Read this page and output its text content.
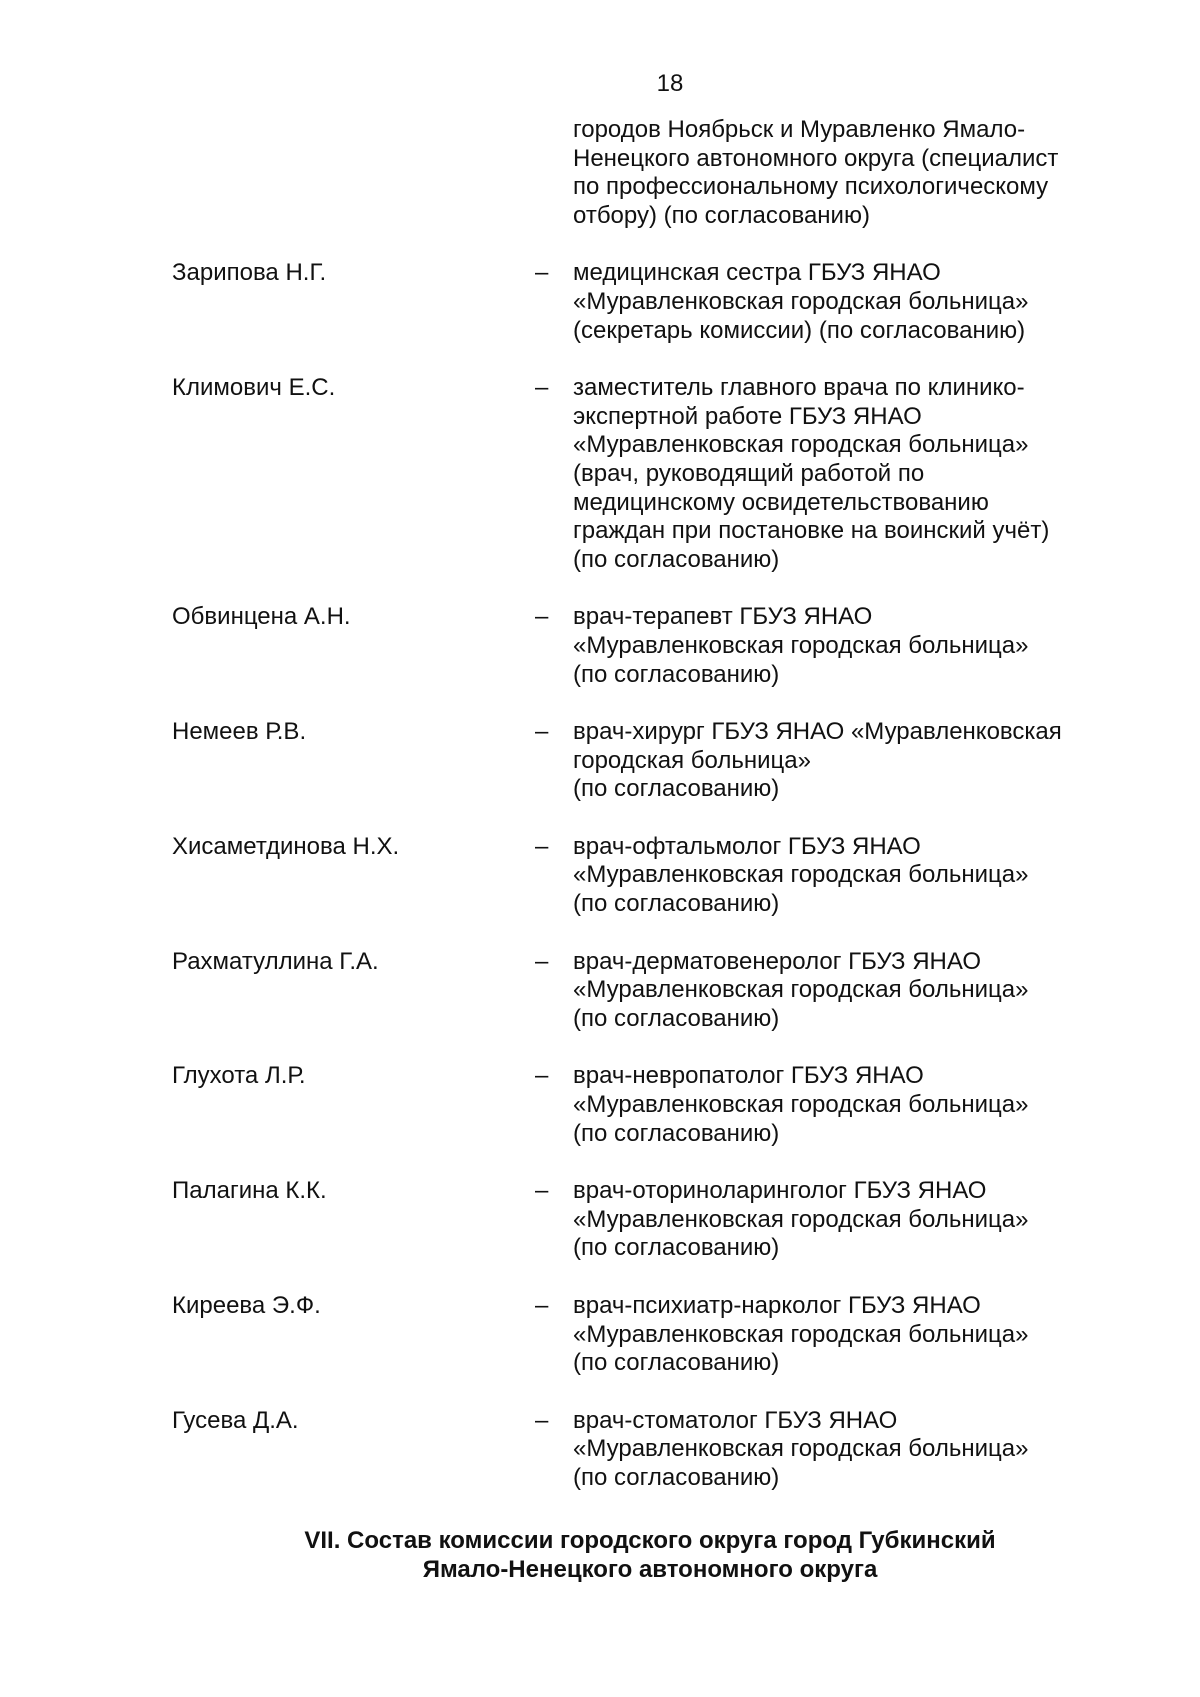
18
городов Ноябрьск и Муравленко Ямало-
Ненецкого автономного округа (специалист
по профессиональному психологическому
отбору) (по согласованию)
Зарипова Н.Г.	– медицинская сестра ГБУЗ ЯНАО
«Муравленковская городская больница»
(секретарь комиссии) (по согласованию)
Климович Е.С.	– заместитель главного врача по клинико-
экспертной работе ГБУЗ ЯНАО
«Муравленковская городская больница»
(врач, руководящий работой по
медицинскому освидетельствованию
граждан при постановке на воинский учёт)
(по согласованию)
Обвинцена А.Н.	– врач-терапевт ГБУЗ ЯНАО
«Муравленковская городская больница»
(по согласованию)
Немеев Р.В.	– врач-хирург ГБУЗ ЯНАО «Муравленковская
городская больница»
(по согласованию)
Хисаметдинова Н.Х.	– врач-офтальмолог ГБУЗ ЯНАО
«Муравленковская городская больница»
(по согласованию)
Рахматуллина Г.А.	– врач-дерматовенеролог ГБУЗ ЯНАО
«Муравленковская городская больница»
(по согласованию)
Глухота Л.Р.	– врач-невропатолог ГБУЗ ЯНАО
«Муравленковская городская больница»
(по согласованию)
Палагина К.К.	– врач-оториноларинголог ГБУЗ ЯНАО
«Муравленковская городская больница»
(по согласованию)
Киреева Э.Ф.	– врач-психиатр-нарколог ГБУЗ ЯНАО
«Муравленковская городская больница»
(по согласованию)
Гусева Д.А.	– врач-стоматолог ГБУЗ ЯНАО
«Муравленковская городская больница»
(по согласованию)
VII. Состав комиссии городского округа город Губкинский
Ямало-Ненецкого автономного округа
